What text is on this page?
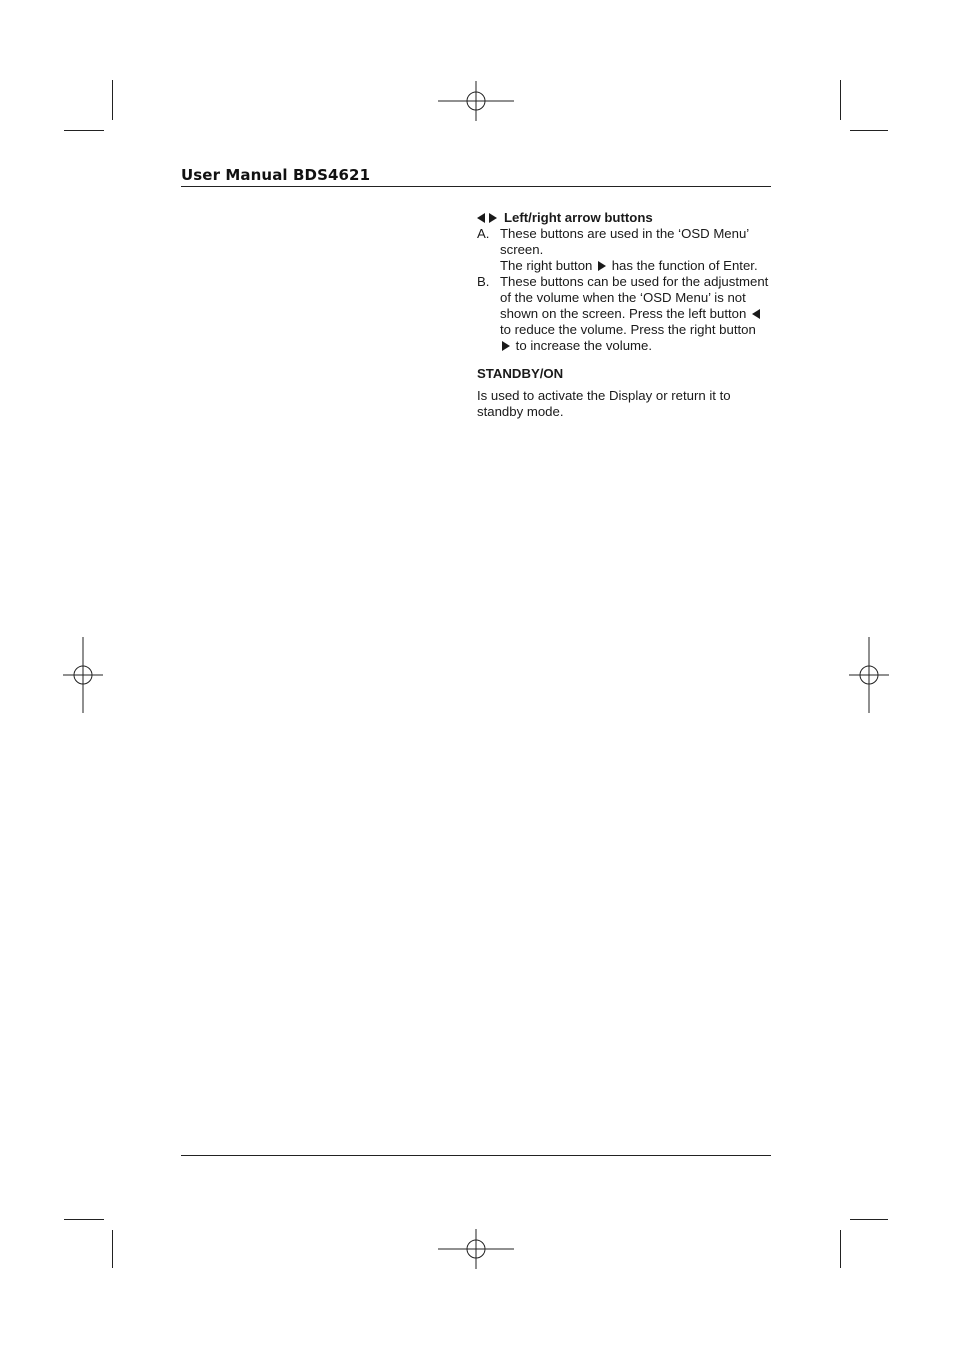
User Manual BDS4621
Left/right arrow buttons
A. These buttons are used in the ‘OSD Menu’ screen.

The right button has the function of Enter.

B. These buttons can be used for the adjustment of the volume when the ‘OSD Menu’ is not shown on the screen. Press the left button  to reduce the volume. Press the right button  to increase the volume.

STANDBY/ON

Is used to activate the Display or return it to standby mode.
